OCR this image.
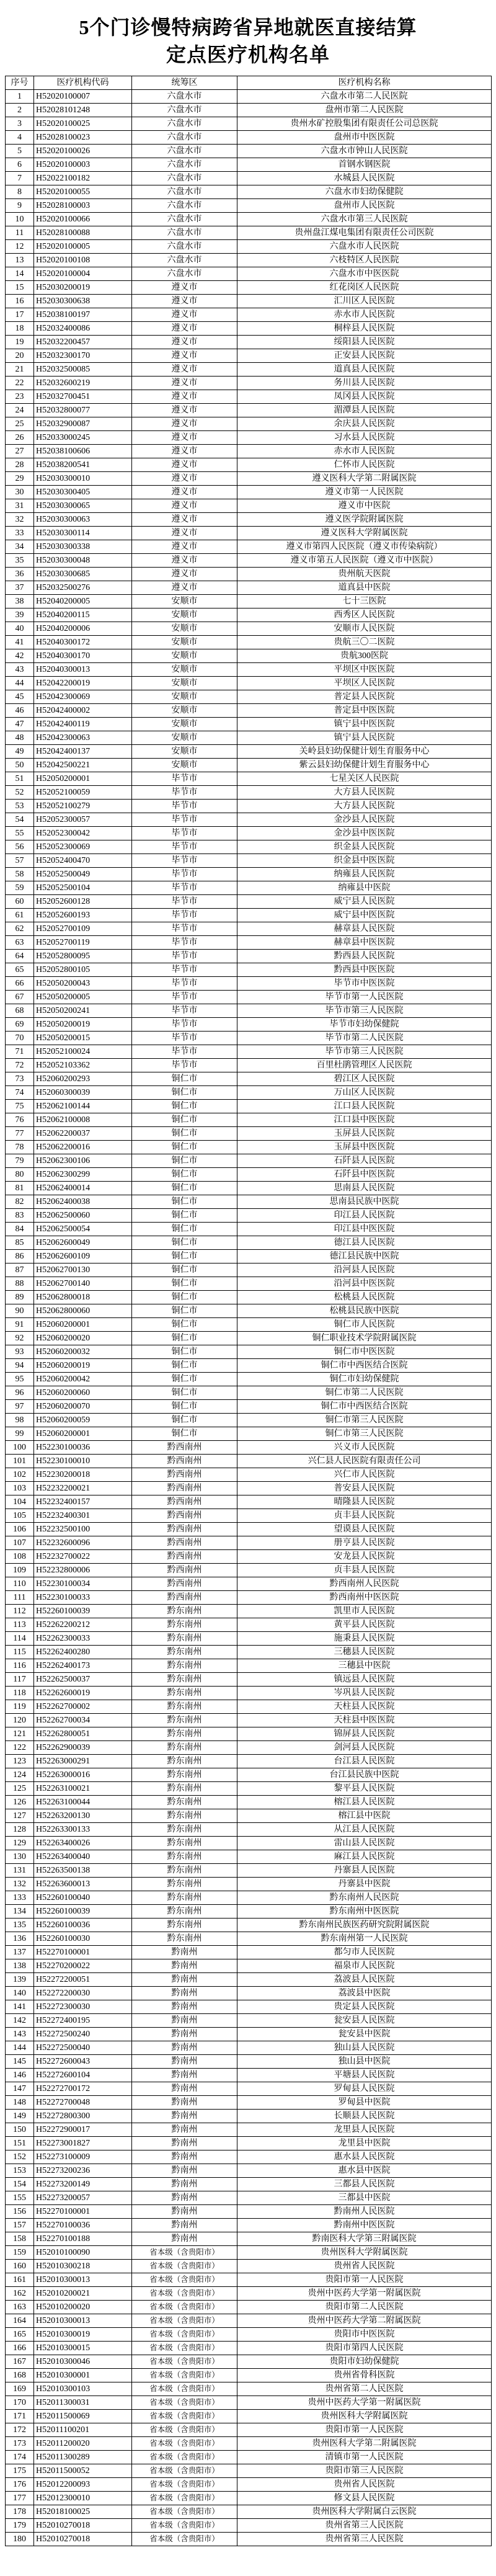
5个门诊慢特病跨省异地就医直接结算
定点医疗机构名单
序号	医疗机构代码	统筹区	医疗机构名称
1	H52020100007	六盘水市	六盘水市第二人民医院
2	H52028101248	六盘水市	盘州市第二人民医院
3	H52020100025	六盘水市	贵州水矿控股集团有限责任公司总医院
4	H52028100023	六盘水市	盘州市中医医院
5	H52020100026	六盘水市	六盘水市钟山人民医院
6	H52020100003	六盘水市	首钢水钢医院
7	H52022100182	六盘水市	水城县人民医院
8	H52020100055	六盘水市	六盘水市妇幼保健院
9	H52028100003	六盘水市	盘州市人民医院
10	H52020100066	六盘水市	六盘水市第三人民医院
11	H52028100088	六盘水市	贵州盘江煤电集团有限责任公司医院
12	H52020100005	六盘水市	六盘水市人民医院
13	H52020100108	六盘水市	六枝特区人民医院
14	H52020100004	六盘水市	六盘水市中医医院
15	H52030200019	遵义市	红花岗区人民医院
16	H52030300638	遵义市	汇川区人民医院
17	H52038100197	遵义市	赤水市人民医院
18	H52032400086	遵义市	桐梓县人民医院
19	H52032200457	遵义市	绥阳县人民医院
20	H52032300170	遵义市	正安县人民医院
21	H52032500085	遵义市	道真县人民医院
22	H52032600219	遵义市	务川县人民医院
23	H52032700451	遵义市	凤冈县人民医院
24	H52032800077	遵义市	湄潭县人民医院
25	H52032900087	遵义市	余庆县人民医院
26	H52033000245	遵义市	习水县人民医院
27	H52038100606	遵义市	赤水市人民医院
28	H52038200541	遵义市	仁怀市人民医院
29	H52030300010	遵义市	遵义医科大学第二附属医院
30	H52030300405	遵义市	遵义市第一人民医院
31	H52030300065	遵义市	遵义市中医院
32	H52030300063	遵义市	遵义医学院附属医院
33	H52030300114	遵义市	遵义医科大学附属医院
34	H52030300338	遵义市	遵义市第四人民医院（遵义市传染病院）
35	H52030300048	遵义市	遵义市第五人民医院（遵义市中医院）
36	H52030300685	遵义市	贵州航天医院
37	H52032500276	遵义市	道真县中医院
38	H52040200005	安顺市	七十三医院
39	H52040200115	安顺市	西秀区人民医院
40	H52040200006	安顺市	安顺市人民医院
41	H52040300172	安顺市	贵航三〇二医院
42	H52040300170	安顺市	贵航300医院
43	H52040300013	安顺市	平坝区中医医院
44	H52042200019	安顺市	平坝区人民医院
45	H52042300069	安顺市	普定县人民医院
46	H52042400002	安顺市	普定县中医医院
47	H52042400119	安顺市	镇宁县中医医院
48	H52042300063	安顺市	镇宁县人民医院
49	H52042400137	安顺市	关岭县妇幼保健计划生育服务中心
50	H52042500221	安顺市	紫云县妇幼保健计划生育服务中心
51	H52050200001	毕节市	七星关区人民医院
52	H52052100059	毕节市	大方县人民医院
53	H52052100279	毕节市	大方县人民医院
54	H52052300057	毕节市	金沙县人民医院
55	H52052300042	毕节市	金沙县中医医院
56	H52052300069	毕节市	织金县人民医院
57	H52052400470	毕节市	织金县中医医院
58	H52052500049	毕节市	纳雍县人民医院
59	H52052500104	毕节市	纳雍县中医院
60	H52052600128	毕节市	威宁县人民医院
61	H52052600193	毕节市	威宁县中医医院
62	H52052700109	毕节市	赫章县人民医院
63	H52052700119	毕节市	赫章县中医医院
64	H52052800095	毕节市	黔西县人民医院
65	H52052800105	毕节市	黔西县中医医院
66	H52050200043	毕节市	毕节市中医医院
67	H52050200005	毕节市	毕节市第一人民医院
68	H52050200241	毕节市	毕节市第三人民医院
69	H52050200019	毕节市	毕节市妇幼保健院
70	H52050200015	毕节市	毕节市第二人民医院
71	H52052100024	毕节市	毕节市第三人民医院
72	H52052103362	毕节市	百里杜鹃管理区人民医院
73	H52060200293	铜仁市	碧江区人民医院
74	H52060300039	铜仁市	万山区人民医院
75	H52062100144	铜仁市	江口县人民医院
76	H52062100008	铜仁市	江口县中医医院
77	H52062200037	铜仁市	玉屏县人民医院
78	H52062200016	铜仁市	玉屏县中医医院
79	H52062300106	铜仁市	石阡县人民医院
80	H52062300299	铜仁市	石阡县中医医院
81	H52062400014	铜仁市	思南县人民医院
82	H52062400038	铜仁市	思南县民族中医院
83	H52062500060	铜仁市	印江县人民医院
84	H52062500054	铜仁市	印江县中医医院
85	H52062600049	铜仁市	德江县人民医院
86	H52062600109	铜仁市	德江县民族中医院
87	H52062700130	铜仁市	沿河县人民医院
88	H52062700140	铜仁市	沿河县中医医院
89	H52062800018	铜仁市	松桃县人民医院
90	H52062800060	铜仁市	松桃县民族中医院
91	H52060200001	铜仁市	铜仁市人民医院
92	H52060200020	铜仁市	铜仁职业技术学院附属医院
93	H52060200032	铜仁市	铜仁市中医医院
94	H52060200019	铜仁市	铜仁市中西医结合医院
95	H52060200042	铜仁市	铜仁市妇幼保健院
96	H52060200060	铜仁市	铜仁市第二人民医院
97	H52060200070	铜仁市	铜仁市中西医结合医院
98	H52060200059	铜仁市	铜仁市第三人民医院
99	H52060200001	铜仁市	铜仁市第三人民医院
100	H52230100036	黔西南州	兴义市人民医院
101	H52230100010	黔西南州	兴仁县人民医院有限责任公司
102	H52230200018	黔西南州	兴仁市人民医院
103	H52232200021	黔西南州	普安县人民医院
104	H52232400157	黔西南州	晴隆县人民医院
105	H52232400301	黔西南州	贞丰县人民医院
106	H52232500100	黔西南州	望谟县人民医院
107	H52232600096	黔西南州	册亨县人民医院
108	H52232700022	黔西南州	安龙县人民医院
109	H52232800006	黔西南州	贞丰县人民医院
110	H52230100034	黔西南州	黔西南州人民医院
111	H52230100033	黔西南州	黔西南州中医医院
112	H52260100039	黔东南州	凯里市人民医院
113	H52262200212	黔东南州	黄平县人民医院
114	H52262300033	黔东南州	施秉县人民医院
115	H52262400280	黔东南州	三穗县人民医院
116	H52262400173	黔东南州	三穗县中医院
117	H52262500037	黔东南州	镇远县人民医院
118	H52262600019	黔东南州	岑巩县人民医院
119	H52262700002	黔东南州	天柱县人民医院
120	H52262700034	黔东南州	天柱县中医医院
121	H52262800051	黔东南州	锦屏县人民医院
122	H52262900039	黔东南州	剑河县人民医院
123	H52263000291	黔东南州	台江县人民医院
124	H52263000016	黔东南州	台江县民族中医院
125	H52263100021	黔东南州	黎平县人民医院
126	H52263100044	黔东南州	榕江县人民医院
127	H52263200130	黔东南州	榕江县中医院
128	H52263300133	黔东南州	从江县人民医院
129	H52263400026	黔东南州	雷山县人民医院
130	H52263400040	黔东南州	麻江县人民医院
131	H52263500138	黔东南州	丹寨县人民医院
132	H52263600013	黔东南州	丹寨县中医院
133	H52260100040	黔东南州	黔东南州人民医院
134	H52260100039	黔东南州	黔东南州中医医院
135	H52260100036	黔东南州	黔东南州民族医药研究院附属医院
136	H52260100030	黔东南州	黔东南州第一人民医院
137	H52270100001	黔南州	都匀市人民医院
138	H52270200022	黔南州	福泉市人民医院
139	H52272200051	黔南州	荔波县人民医院
140	H52272200030	黔南州	荔波县中医院
141	H52272300030	黔南州	贵定县人民医院
142	H52272400195	黔南州	瓮安县人民医院
143	H52272500240	黔南州	瓮安县中医院
144	H52272500040	黔南州	独山县人民医院
145	H52272600043	黔南州	独山县中医院
146	H52272600104	黔南州	平塘县人民医院
147	H52272700172	黔南州	罗甸县人民医院
148	H52272700048	黔南州	罗甸县中医院
149	H52272800300	黔南州	长顺县人民医院
150	H52272900017	黔南州	龙里县人民医院
151	H52273001827	黔南州	龙里县中医院
152	H52273100009	黔南州	惠水县人民医院
153	H52273200236	黔南州	惠水县中医院
154	H52273200149	黔南州	三都县人民医院
155	H52273200057	黔南州	三都县中医院
156	H52270100001	黔南州	黔南州人民医院
157	H52270100036	黔南州	黔南州中医医院
158	H52270100188	黔南州	黔南医科大学第三附属医院
159	H52010100090	省本级（含贵阳市）	贵州医科大学附属医院
160	H52010300218	省本级（含贵阳市）	贵州省人民医院
161	H52010300013	省本级（含贵阳市）	贵阳市第一人民医院
162	H52010200021	省本级（含贵阳市）	贵州中医药大学第一附属医院
163	H52010200020	省本级（含贵阳市）	贵阳市第二人民医院
164	H52010300013	省本级（含贵阳市）	贵州中医药大学第二附属医院
165	H52010300019	省本级（含贵阳市）	贵阳市中医医院
166	H52010300015	省本级（含贵阳市）	贵阳市第四人民医院
167	H52010300046	省本级（含贵阳市）	贵阳市妇幼保健院
168	H52010300001	省本级（含贵阳市）	贵州省骨科医院
169	H52010300103	省本级（含贵阳市）	贵州省第二人民医院
170	H52011300031	省本级（含贵阳市）	贵州中医药大学第一附属医院
171	H52011500069	省本级（含贵阳市）	贵州医科大学附属医院
172	H52011100201	省本级（含贵阳市）	贵阳市第一人民医院
173	H52011200020	省本级（含贵阳市）	贵州医科大学第二附属医院
174	H52011300289	省本级（含贵阳市）	清镇市第一人民医院
175	H52011500052	省本级（含贵阳市）	贵阳市第三人民医院
176	H52012200093	省本级（含贵阳市）	贵州省人民医院
177	H52012300010	省本级（含贵阳市）	修文县人民医院
178	H52018100025	省本级（含贵阳市）	贵州医科大学附属白云医院
179	H52010270018	省本级（含贵阳市）	贵州省第三人民医院
180	H52010270018	省本级（含贵阳市）	贵州省第三人民医院
